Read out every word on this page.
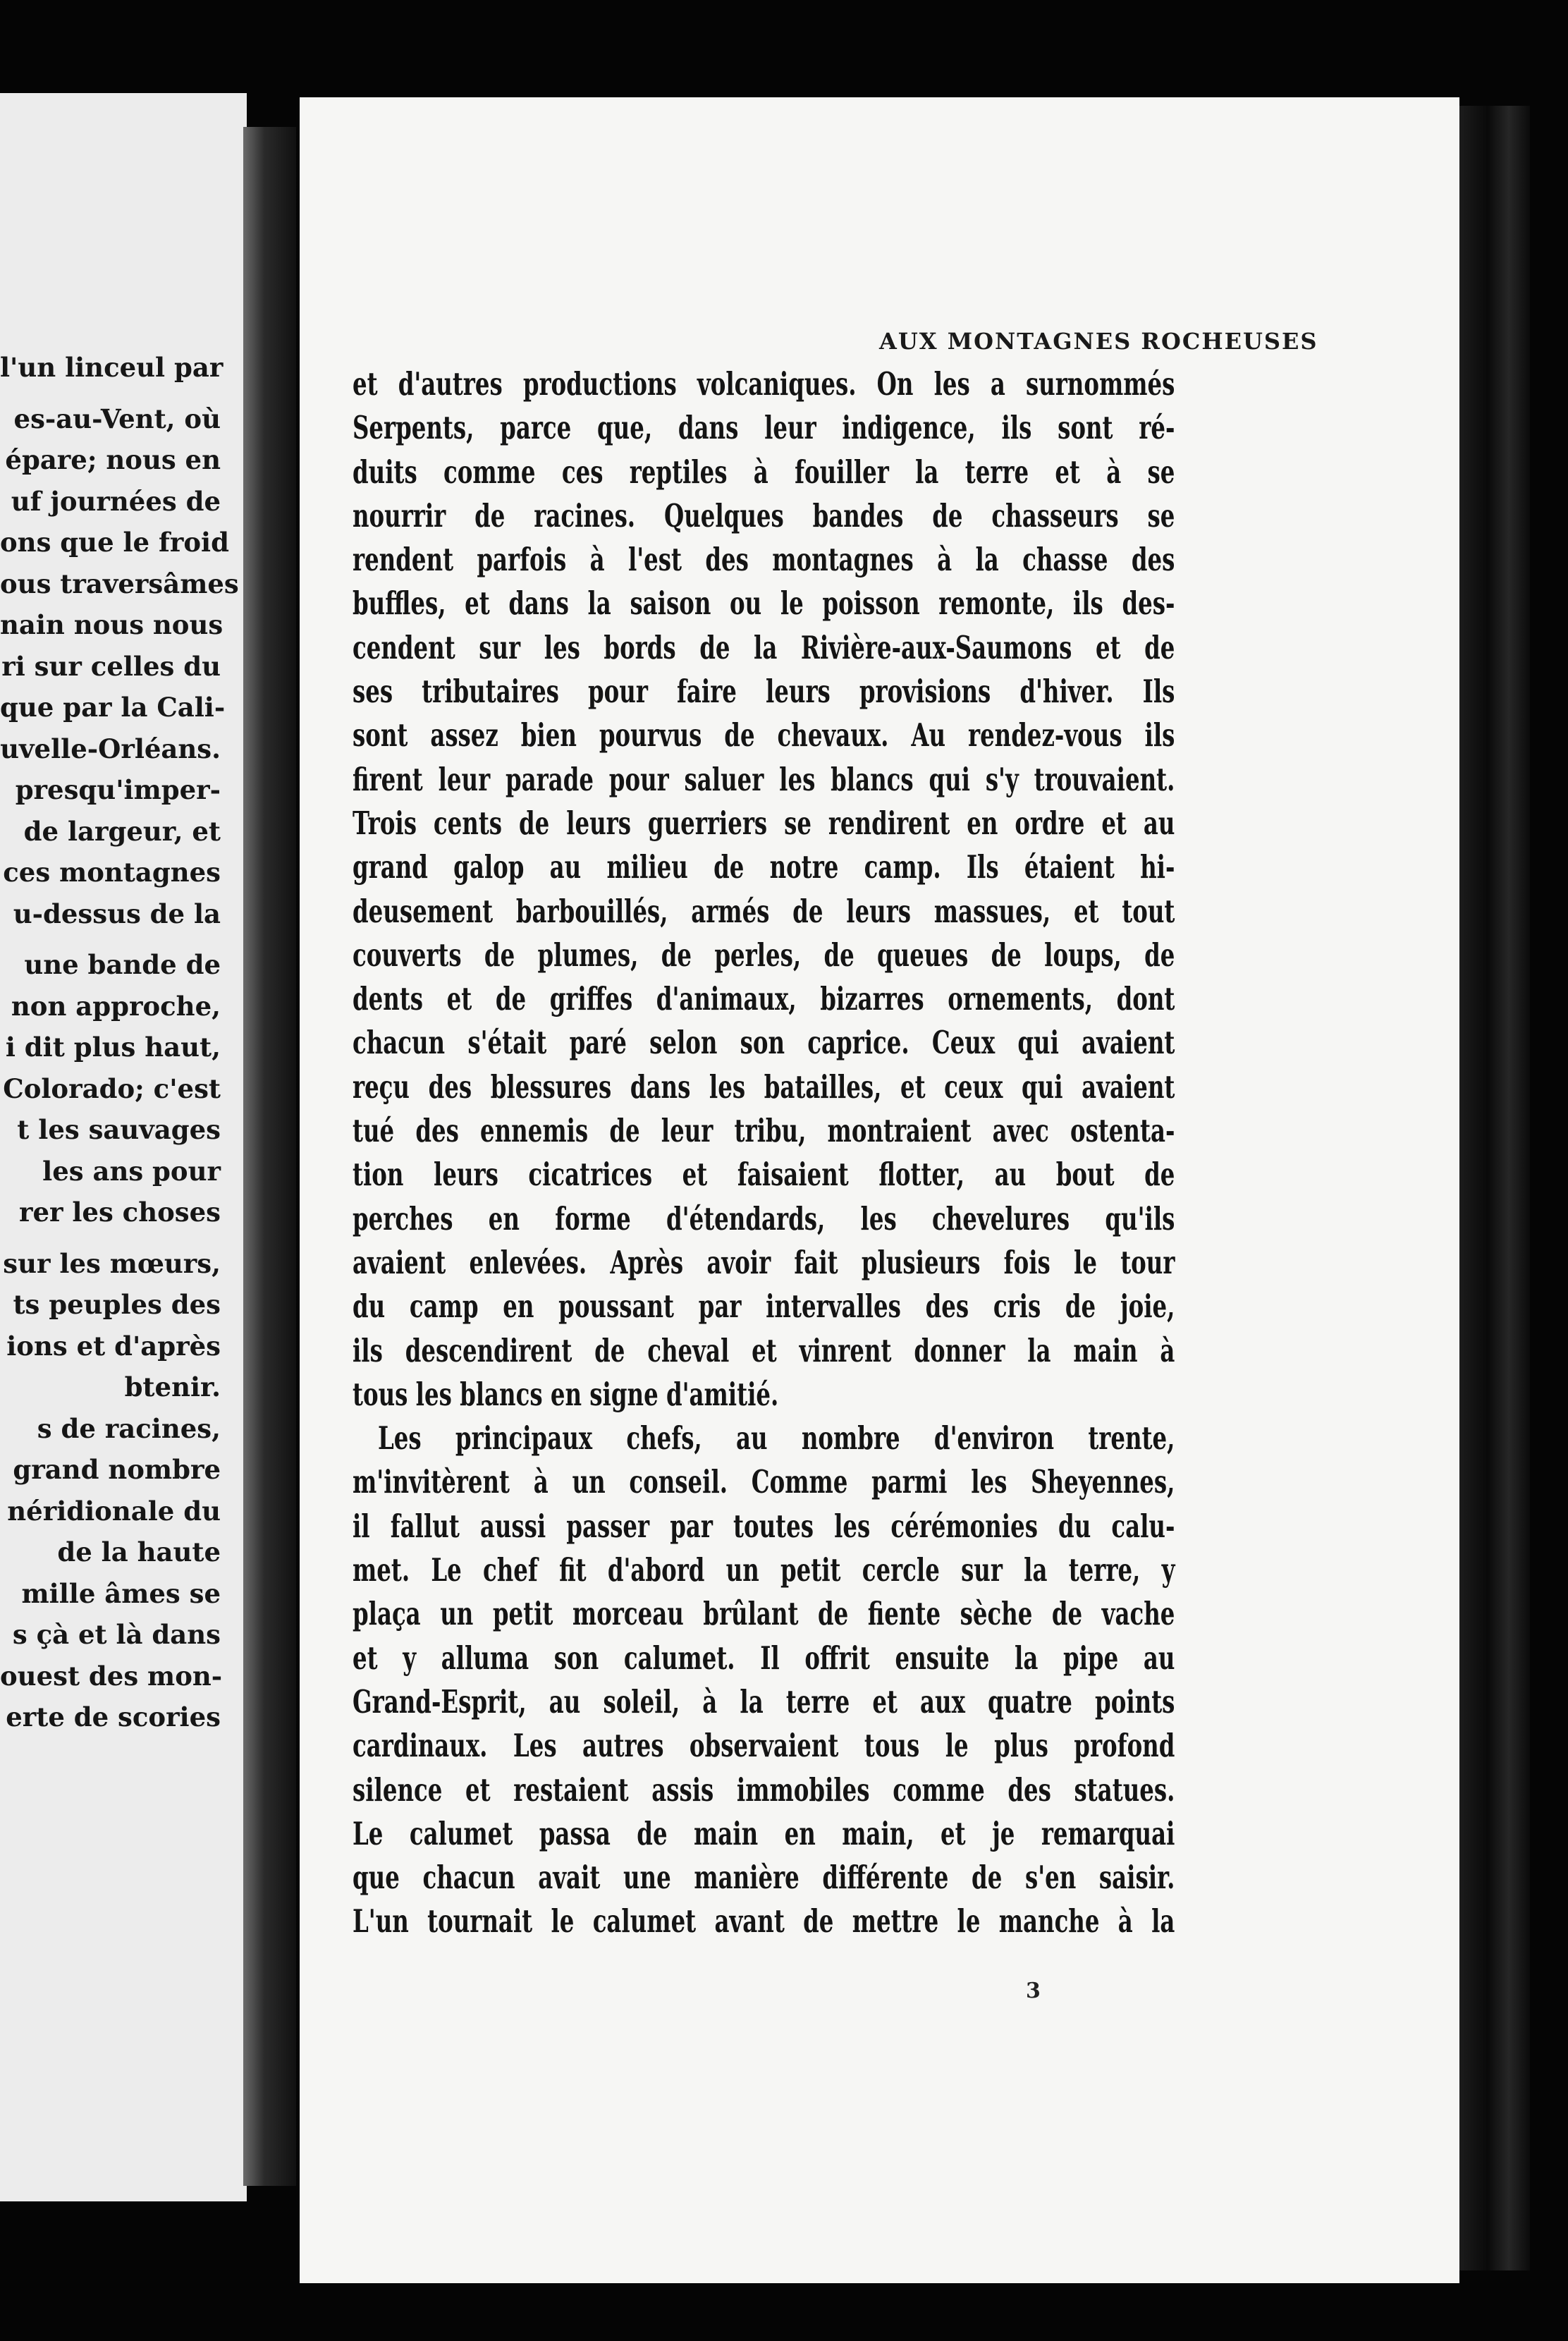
l'un linceul par
es-au-Vent, où
épare; nous en
uf journées de
ons que le froid
ous traversâmes
nain nous nous
ri sur celles du
que par la Cali-
uvelle-Orléans.
presqu'imper-
de largeur, et
ces montagnes
u-dessus de la
une bande de
non approche,
i dit plus haut,
Colorado; c'est
t les sauvages
les ans pour
rer les choses
sur les mœurs,
ts peuples des
ions et d'après
btenir.
s de racines,
grand nombre
néridionale du
de la haute
mille âmes se
s çà et là dans
ouest des mon-
erte de scories
AUX MONTAGNES ROCHEUSES
et d'autres productions volcaniques. On les a surnommés
Serpents, parce que, dans leur indigence, ils sont ré-
duits comme ces reptiles à fouiller la terre et à se
nourrir de racines. Quelques bandes de chasseurs se
rendent parfois à l'est des montagnes à la chasse des
buffles, et dans la saison ou le poisson remonte, ils des-
cendent sur les bords de la Rivière-aux-Saumons et de
ses tributaires pour faire leurs provisions d'hiver. Ils
sont assez bien pourvus de chevaux. Au rendez-vous ils
firent leur parade pour saluer les blancs qui s'y trouvaient.
Trois cents de leurs guerriers se rendirent en ordre et au
grand galop au milieu de notre camp. Ils étaient hi-
deusement barbouillés, armés de leurs massues, et tout
couverts de plumes, de perles, de queues de loups, de
dents et de griffes d'animaux, bizarres ornements, dont
chacun s'était paré selon son caprice. Ceux qui avaient
reçu des blessures dans les batailles, et ceux qui avaient
tué des ennemis de leur tribu, montraient avec ostenta-
tion leurs cicatrices et faisaient flotter, au bout de
perches en forme d'étendards, les chevelures qu'ils
avaient enlevées. Après avoir fait plusieurs fois le tour
du camp en poussant par intervalles des cris de joie,
ils descendirent de cheval et vinrent donner la main à
tous les blancs en signe d'amitié.
Les principaux chefs, au nombre d'environ trente,
m'invitèrent à un conseil. Comme parmi les Sheyennes,
il fallut aussi passer par toutes les cérémonies du calu-
met. Le chef fit d'abord un petit cercle sur la terre, y
plaça un petit morceau brûlant de fiente sèche de vache
et y alluma son calumet. Il offrit ensuite la pipe au
Grand-Esprit, au soleil, à la terre et aux quatre points
cardinaux. Les autres observaient tous le plus profond
silence et restaient assis immobiles comme des statues.
Le calumet passa de main en main, et je remarquai
que chacun avait une manière différente de s'en saisir.
L'un tournait le calumet avant de mettre le manche à la
3
